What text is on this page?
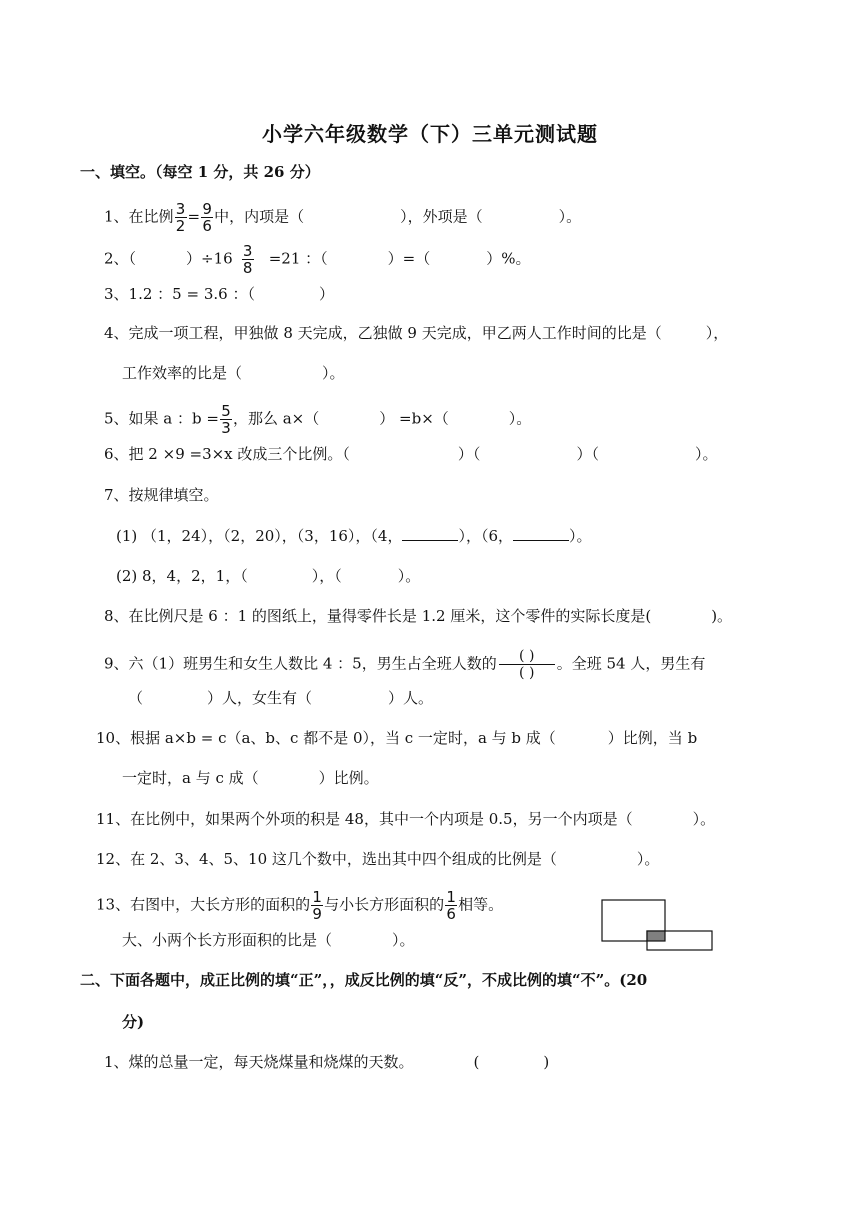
小学六年级数学（下）三单元测试题
一、填空。（每空 1 分，共 26 分）
1、在比例 $\frac{3}{2} = \frac{9}{6}$ 中，内项是（	），外项是（	）。
2、（	）$\div 16 \frac{3}{8} =21$ ：（	）=（	）%。
3、1.2 ：5 = 3.6 ：（	）
4、完成一项工程，甲独做 8 天完成，乙独做 9 天完成，甲乙两人工作时间的比是（	），
工作效率的比是（	）。
5、如果 a ：$b = \frac{5}{3}$ ，那么 a×（	） =b×（	）。
6、把 2 ×9 =3×x 改成三个比例。（	）（	）（	）。
7、按规律填空。
(1) （1，24），（2，20），（3，16），（4，	），（6，	）。
(2) 8，4，2，1，（	），（	）。
8、在比例尺是 6 ：1 的图纸上，量得零件长是 1.2 厘米，这个零件的实际长度是(	)。
9、六（1）班男生和女生人数比 4 ：5，男生占全班人数的 ( )
( )
。全班 54 人，男生有
（	）人，女生有（	）人。
10、根据 a×b = c（a、b、c 都不是 0），当 c 一定时，a 与 b 成（	）比例，当 b
一定时，a 与 c 成（	）比例。
11、在比例中，如果两个外项的积是 48，其中一个内项是 0.5，另一个内项是（	）。
12、在 2、3、4、5、10 这几个数中，选出其中四个组成的比例是（	）。
13、右图中，大长方形的面积的 $\frac{1}{9}$ 与小长方形面积的 $\frac{1}{6}$ 相等。
大、小两个长方形面积的比是（	）。
二、下面各题中，成正比例的填“正”，，成反比例的填“反”，不成比例的填“不”。(20
分)
1、煤的总量一定，每天烧煤量和烧煤的天数。	(	)
